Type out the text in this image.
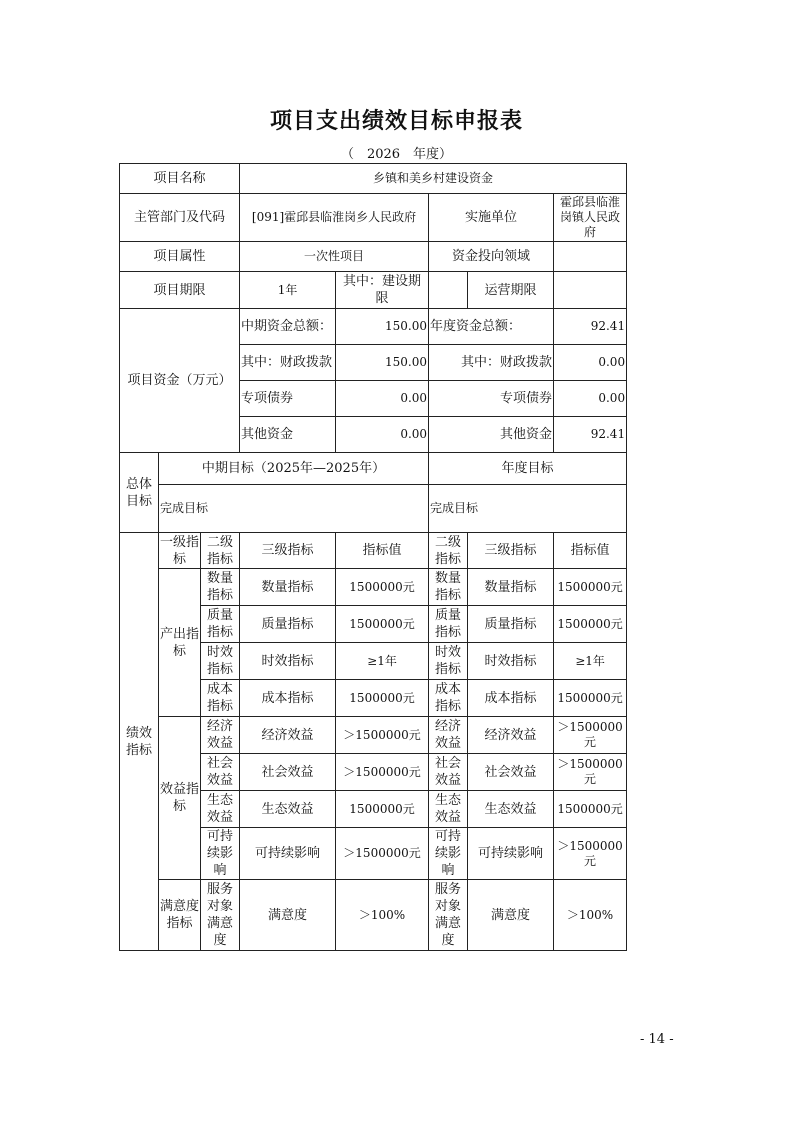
项目支出绩效目标申报表
（　2026　年度）
项目名称			乡镇和美乡村建设资金				
主管部门及代码			[091]霍邱县临淮岗乡人民政府		实施单位		霍邱县临淮岗镇人民政府
项目属性			一次性项目		资金投向领域		
项目期限			1年	其中：建设期限		运营期限	
项目资金（万元）			中期资金总额：	150.00	年度资金总额：		92.41
			其中：财政拨款	150.00	其中：财政拨款		0.00
			专项债券	0.00	专项债券		0.00
			其他资金	0.00	其他资金		92.41
总体目标	中期目标（2025年—2025年）				年度目标		
	完成目标				完成目标		
绩效指标	一级指标	二级指标	三级指标	指标值	二级指标	三级指标	指标值
	产出指标	数量指标	数量指标	1500000元	数量指标	数量指标	1500000元
		质量指标	质量指标	1500000元	质量指标	质量指标	1500000元
		时效指标	时效指标	≥1年	时效指标	时效指标	≥1年
		成本指标	成本指标	1500000元	成本指标	成本指标	1500000元
	效益指标	经济效益	经济效益	＞1500000元	经济效益	经济效益	＞1500000元
		社会效益	社会效益	＞1500000元	社会效益	社会效益	＞1500000元
		生态效益	生态效益	1500000元	生态效益	生态效益	1500000元
		可持续影响	可持续影响	＞1500000元	可持续影响	可持续影响	＞1500000元
	满意度指标	服务对象满意度	满意度	＞100%	服务对象满意度	满意度	＞100%
- 14 -
